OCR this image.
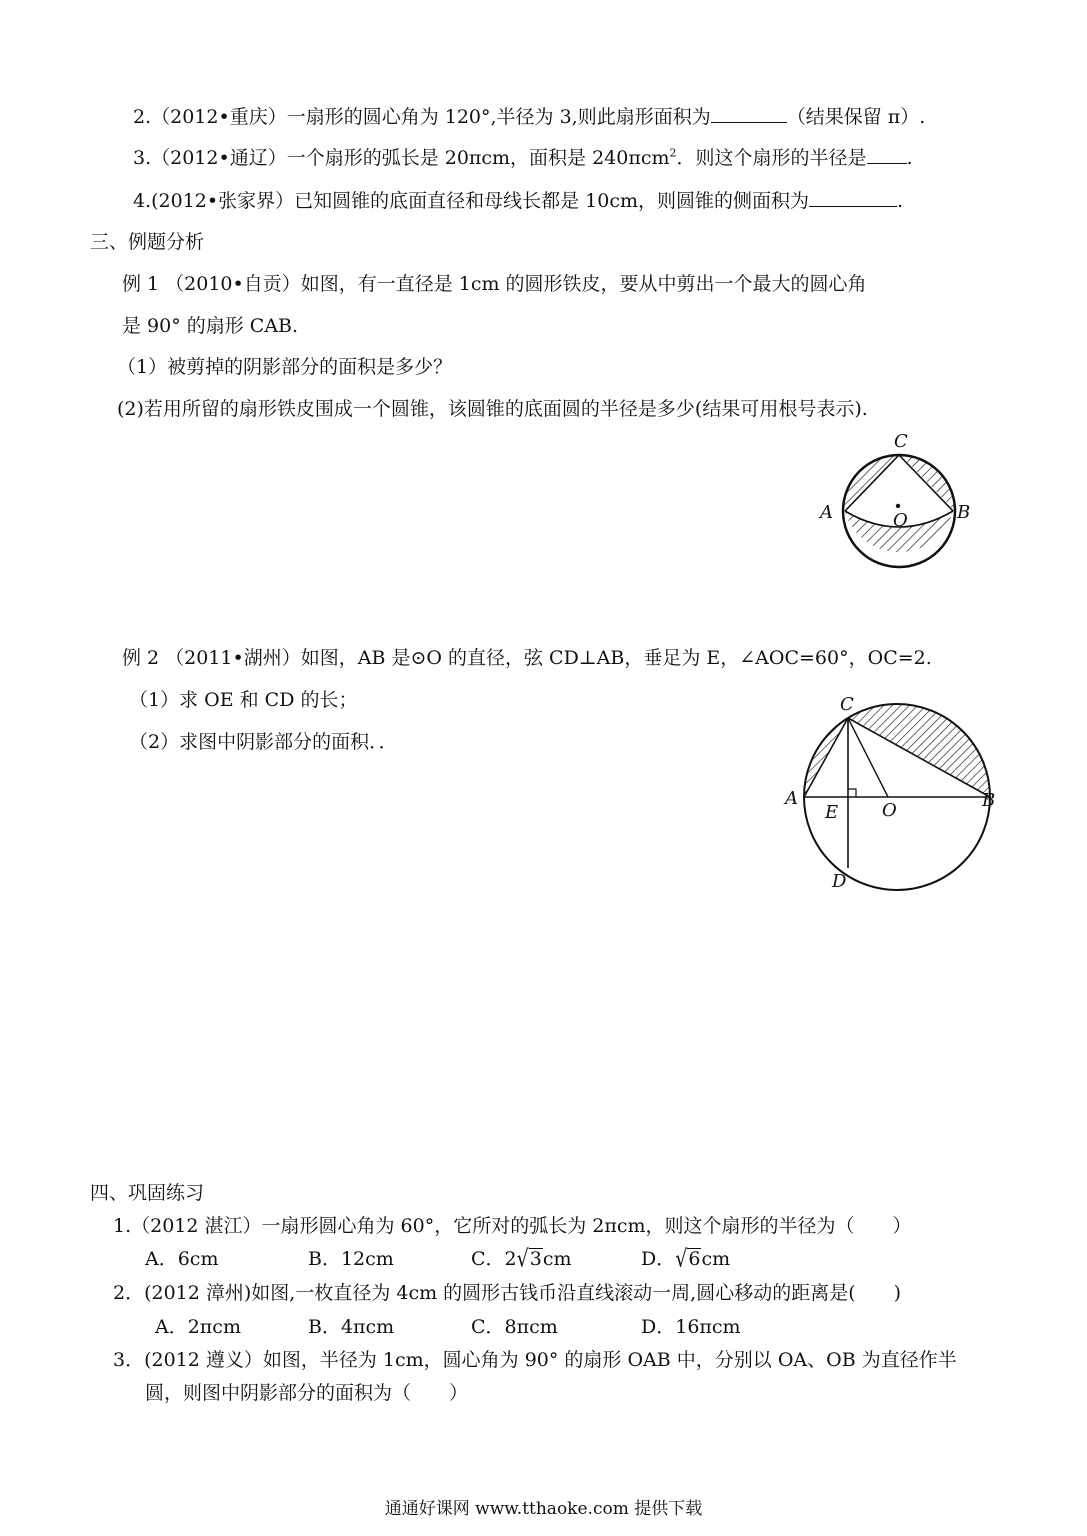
2.（2012•重庆）一扇形的圆心角为 120°,半径为 3,则此扇形面积为	（结果保留 π）.
3.（2012•通辽）一个扇形的弧长是 20πcm，面积是 240πcm$^2$．则这个扇形的半径是 .
4.(2012•张家界）已知圆锥的底面直径和母线长都是 10cm，则圆锥的侧面积为	.
三、例题分析
例 1 （2010•自贡）如图，有一直径是 1cm 的圆形铁皮，要从中剪出一个最大的圆心角
是 90° 的扇形 CAB.
（1）被剪掉的阴影部分的面积是多少？
(2)若用所留的扇形铁皮围成一个圆锥，该圆锥的底面圆的半径是多少(结果可用根号表示).
C
A	B
O
例 2 （2011•湖州）如图，AB 是⊙O 的直径，弦 CD⊥AB，垂足为 E，∠AOC=60°，OC=2.
（1）求 OE 和 CD 的长；
（2）求图中阴影部分的面积．．
C
A	B
E O
D
四、巩固练习
1.（2012 湛江）一扇形圆心角为 60°，它所对的弧长为 2πcm，则这个扇形的半径为（　　）
A．6cm	B．12cm	C．2√3cm	D．√6cm
2．(2012 漳州)如图,一枚直径为 4cm 的圆形古钱币沿直线滚动一周,圆心移动的距离是(　　)
A．2πcm	B．4πcm	C．8πcm	D．16πcm
3．(2012 遵义）如图，半径为 1cm，圆心角为 90° 的扇形 OAB 中，分别以 OA、OB 为直径作半
圆，则图中阴影部分的面积为（　　）
通通好课网 www.tthaoke.com 提供下载
